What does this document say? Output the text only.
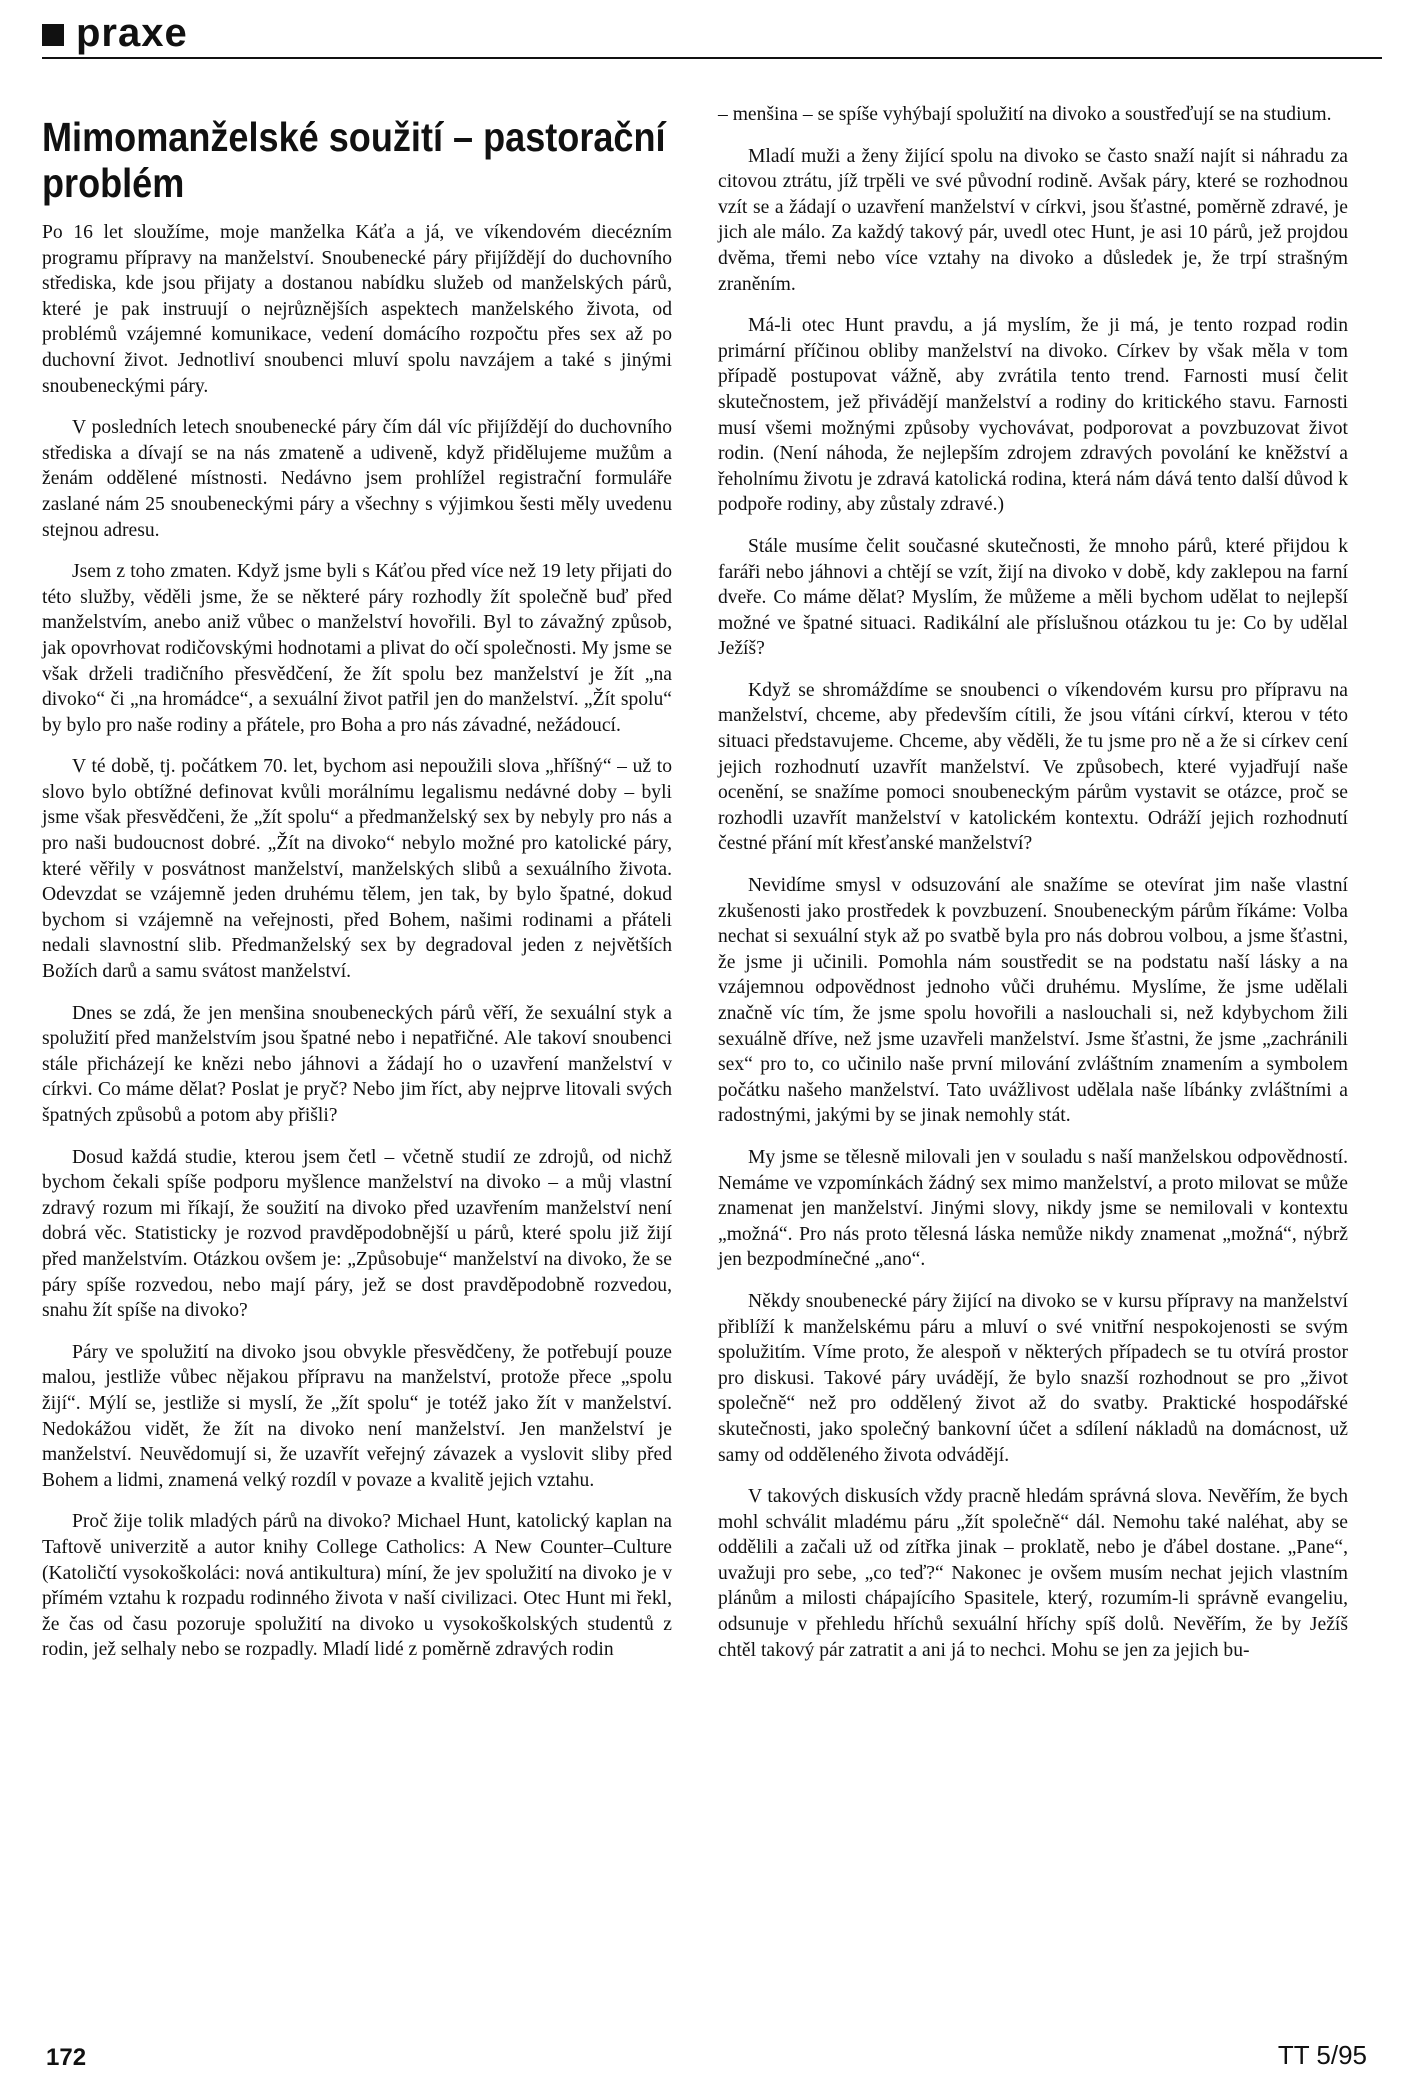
praxe
Mimomanželské soužití – pastorační problém

Po 16 let sloužíme, moje manželka Káťa a já, ve víkendovém diecézním programu přípravy na manželství. Snoubenecké páry přijíždějí do duchovního střediska, kde jsou přijaty a dostanou nabídku služeb od manželských párů, které je pak instruují o nejrůznějších aspektech manželského života, od problémů vzájemné komunikace, vedení domácího rozpočtu přes sex až po duchovní život. Jednotliví snoubenci mluví spolu navzájem a také s jinými snoubeneckými páry.

V posledních letech snoubenecké páry čím dál víc přijíždějí do duchovního střediska a dívají se na nás zmateně a udiveně, když přidělujeme mužům a ženám oddělené místnosti. Nedávno jsem prohlížel registrační formuláře zaslané nám 25 snoubeneckými páry a všechny s výjimkou šesti měly uvedenu stejnou adresu.

Jsem z toho zmaten. Když jsme byli s Káťou před více než 19 lety přijati do této služby, věděli jsme, že se některé páry rozhodly žít společně buď před manželstvím, anebo aniž vůbec o manželství hovořili. Byl to závažný způsob, jak opovrhovat rodičovskými hodnotami a plivat do očí společnosti. My jsme se však drželi tradičního přesvědčení, že žít spolu bez manželství je žít „na divoko“ či „na hromádce“, a sexuální život patřil jen do manželství. „Žít spolu“ by bylo pro naše rodiny a přátele, pro Boha a pro nás závadné, nežádoucí.

V té době, tj. počátkem 70. let, bychom asi nepoužili slova „hříšný“ – už to slovo bylo obtížné definovat kvůli morálnímu legalismu nedávné doby – byli jsme však přesvědčeni, že „žít spolu“ a předmanželský sex by nebyly pro nás a pro naši budoucnost dobré. „Žít na divoko“ nebylo možné pro katolické páry, které věřily v posvátnost manželství, manželských slibů a sexuálního života. Odevzdat se vzájemně jeden druhému tělem, jen tak, by bylo špatné, dokud bychom si vzájemně na veřejnosti, před Bohem, našimi rodinami a přáteli nedali slavnostní slib. Předmanželský sex by degradoval jeden z největších Božích darů a samu svátost manželství.

Dnes se zdá, že jen menšina snoubeneckých párů věří, že sexuální styk a spolužití před manželstvím jsou špatné nebo i nepatřičné. Ale takoví snoubenci stále přicházejí ke knězi nebo jáhnovi a žádají ho o uzavření manželství v církvi. Co máme dělat? Poslat je pryč? Nebo jim říct, aby nejprve litovali svých špatných způsobů a potom aby přišli?

Dosud každá studie, kterou jsem četl – včetně studií ze zdrojů, od nichž bychom čekali spíše podporu myšlence manželství na divoko – a můj vlastní zdravý rozum mi říkají, že soužití na divoko před uzavřením manželství není dobrá věc. Statisticky je rozvod pravděpodobnější u párů, které spolu již žijí před manželstvím. Otázkou ovšem je: „Způsobuje“ manželství na divoko, že se páry spíše rozvedou, nebo mají páry, jež se dost pravděpodobně rozvedou, snahu žít spíše na divoko?

Páry ve spolužití na divoko jsou obvykle přesvědčeny, že potřebují pouze malou, jestliže vůbec nějakou přípravu na manželství, protože přece „spolu žijí“. Mýlí se, jestliže si myslí, že „žít spolu“ je totéž jako žít v manželství. Nedokážou vidět, že žít na divoko není manželství. Jen manželství je manželství. Neuvědomují si, že uzavřít veřejný závazek a vyslovit sliby před Bohem a lidmi, znamená velký rozdíl v povaze a kvalitě jejich vztahu.

Proč žije tolik mladých párů na divoko? Michael Hunt, katolický kaplan na Taftově univerzitě a autor knihy College Catholics: A New Counter–Culture (Katoličtí vysokoškoláci: nová antikultura) míní, že jev spolužití na divoko je v přímém vztahu k rozpadu rodinného života v naší civilizaci. Otec Hunt mi řekl, že čas od času pozoruje spolužití na divoko u vysokoškolských studentů z rodin, jež selhaly nebo se rozpadly. Mladí lidé z poměrně zdravých rodin

– menšina – se spíše vyhýbají spolužití na divoko a soustřeďují se na studium.

Mladí muži a ženy žijící spolu na divoko se často snaží najít si náhradu za citovou ztrátu, jíž trpěli ve své původní rodině. Avšak páry, které se rozhodnou vzít se a žádají o uzavření manželství v církvi, jsou šťastné, poměrně zdravé, je jich ale málo. Za každý takový pár, uvedl otec Hunt, je asi 10 párů, jež projdou dvěma, třemi nebo více vztahy na divoko a důsledek je, že trpí strašným zraněním.

Má-li otec Hunt pravdu, a já myslím, že ji má, je tento rozpad rodin primární příčinou obliby manželství na divoko. Církev by však měla v tom případě postupovat vážně, aby zvrátila tento trend. Farnosti musí čelit skutečnostem, jež přivádějí manželství a rodiny do kritického stavu. Farnosti musí všemi možnými způsoby vychovávat, podporovat a povzbuzovat život rodin. (Není náhoda, že nejlepším zdrojem zdravých povolání ke kněžství a řeholnímu životu je zdravá katolická rodina, která nám dává tento další důvod k podpoře rodiny, aby zůstaly zdravé.)

Stále musíme čelit současné skutečnosti, že mnoho párů, které přijdou k faráři nebo jáhnovi a chtějí se vzít, žijí na divoko v době, kdy zaklepou na farní dveře. Co máme dělat? Myslím, že můžeme a měli bychom udělat to nejlepší možné ve špatné situaci. Radikální ale příslušnou otázkou tu je: Co by udělal Ježíš?

Když se shromáždíme se snoubenci o víkendovém kursu pro přípravu na manželství, chceme, aby především cítili, že jsou vítáni církví, kterou v této situaci představujeme. Chceme, aby věděli, že tu jsme pro ně a že si církev cení jejich rozhodnutí uzavřít manželství. Ve způsobech, které vyjadřují naše ocenění, se snažíme pomoci snoubeneckým párům vystavit se otázce, proč se rozhodli uzavřít manželství v katolickém kontextu. Odráží jejich rozhodnutí čestné přání mít křesťanské manželství?

Nevidíme smysl v odsuzování ale snažíme se otevírat jim naše vlastní zkušenosti jako prostředek k povzbuzení. Snoubeneckým párům říkáme: Volba nechat si sexuální styk až po svatbě byla pro nás dobrou volbou, a jsme šťastni, že jsme ji učinili. Pomohla nám soustředit se na podstatu naší lásky a na vzájemnou odpovědnost jednoho vůči druhému. Myslíme, že jsme udělali značně víc tím, že jsme spolu hovořili a naslouchali si, než kdybychom žili sexuálně dříve, než jsme uzavřeli manželství. Jsme šťastni, že jsme „zachránili sex“ pro to, co učinilo naše první milování zvláštním znamením a symbolem počátku našeho manželství. Tato uvážlivost udělala naše líbánky zvláštními a radostnými, jakými by se jinak nemohly stát.

My jsme se tělesně milovali jen v souladu s naší manželskou odpovědností. Nemáme ve vzpomínkách žádný sex mimo manželství, a proto milovat se může znamenat jen manželství. Jinými slovy, nikdy jsme se nemilovali v kontextu „možná“. Pro nás proto tělesná láska nemůže nikdy znamenat „možná“, nýbrž jen bezpodmínečné „ano“.

Někdy snoubenecké páry žijící na divoko se v kursu přípravy na manželství přiblíží k manželskému páru a mluví o své vnitřní nespokojenosti se svým spolužitím. Víme proto, že alespoň v některých případech se tu otvírá prostor pro diskusi. Takové páry uvádějí, že bylo snazší rozhodnout se pro „život společně“ než pro oddělený život až do svatby. Praktické hospodářské skutečnosti, jako společný bankovní účet a sdílení nákladů na domácnost, už samy od odděleného života odvádějí.

V takových diskusích vždy pracně hledám správná slova. Nevěřím, že bych mohl schválit mladému páru „žít společně“ dál. Nemohu také naléhat, aby se oddělili a začali už od zítřka jinak – proklatě, nebo je ďábel dostane. „Pane“, uvažuji pro sebe, „co teď?“ Nakonec je ovšem musím nechat jejich vlastním plánům a milosti chápajícího Spasitele, který, rozumím-li správně evangeliu, odsunuje v přehledu hříchů sexuální hříchy spíš dolů. Nevěřím, že by Ježíš chtěl takový pár zatratit a ani já to nechci. Mohu se jen za jejich bu-

172	TT 5/95
